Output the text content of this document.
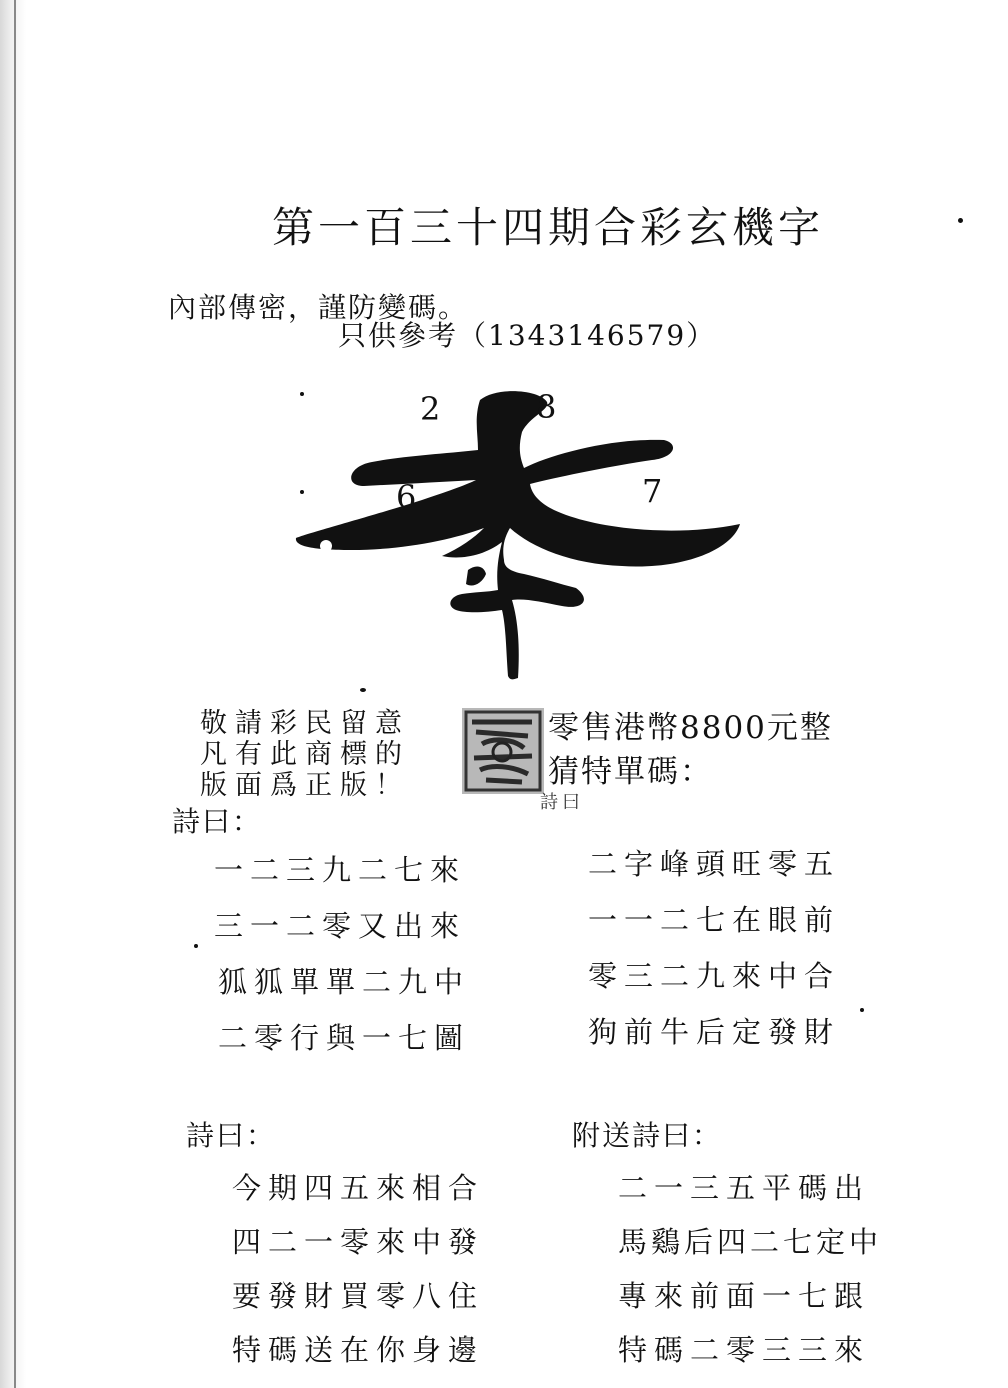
第一百三十四期合彩玄機字
內部傳密，謹防變碼。
只供參考（1343146579）
2	8
6	7
敬請彩民留意
凡有此商標的
版面爲正版！
零售港幣8800元整
猜特單碼：
詩曰
詩曰：
一二三九二七來
三一二零又出來
狐狐單單二九中
二零行與一七圖
二字峰頭旺零五
一一二七在眼前
零三二九來中合
狗前牛后定發財
詩曰：
今期四五來相合
四二一零來中發
要發財買零八住
特碼送在你身邊
附送詩曰：
二一三五平碼出
馬鷄后四二七定中
專來前面一七跟
特碼二零三三來
